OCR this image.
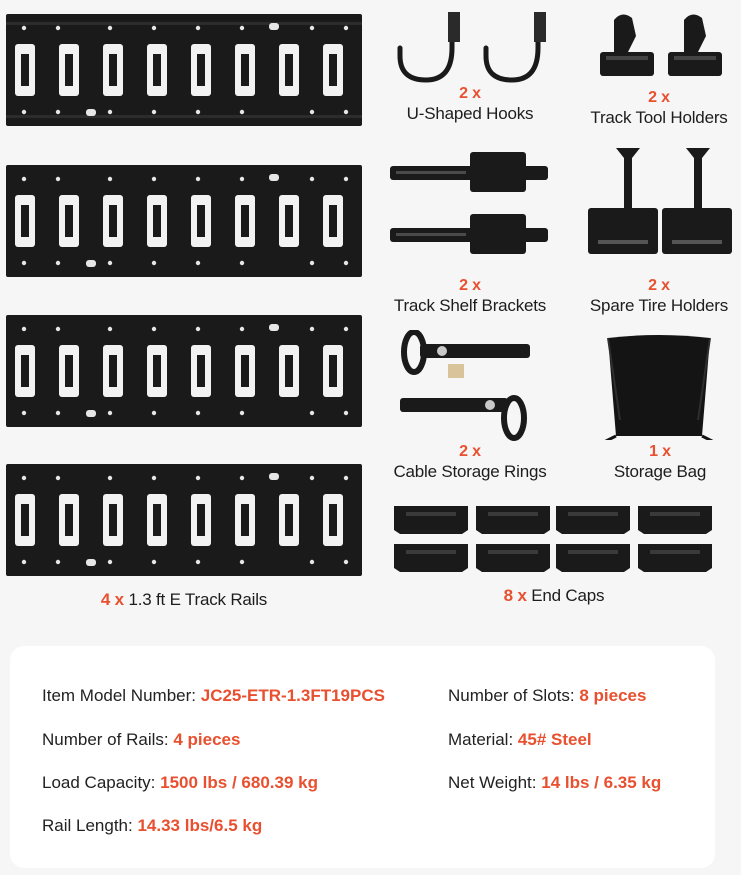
4 x 1.3 ft E Track Rails
2 x
U-Shaped Hooks
2 x
Track Tool Holders
2 x
Track Shelf Brackets
2 x
Spare Tire Holders
2 x
Cable Storage Rings
1 x
Storage Bag
8 x End Caps
Item Model Number: JC25-ETR-1.3FT19PCS	Number of Slots: 8 pieces
Number of Rails: 4 pieces	Material: 45# Steel
Load Capacity: 1500 lbs / 680.39 kg	Net Weight: 14 lbs / 6.35 kg
Rail Length: 14.33 lbs/6.5 kg
